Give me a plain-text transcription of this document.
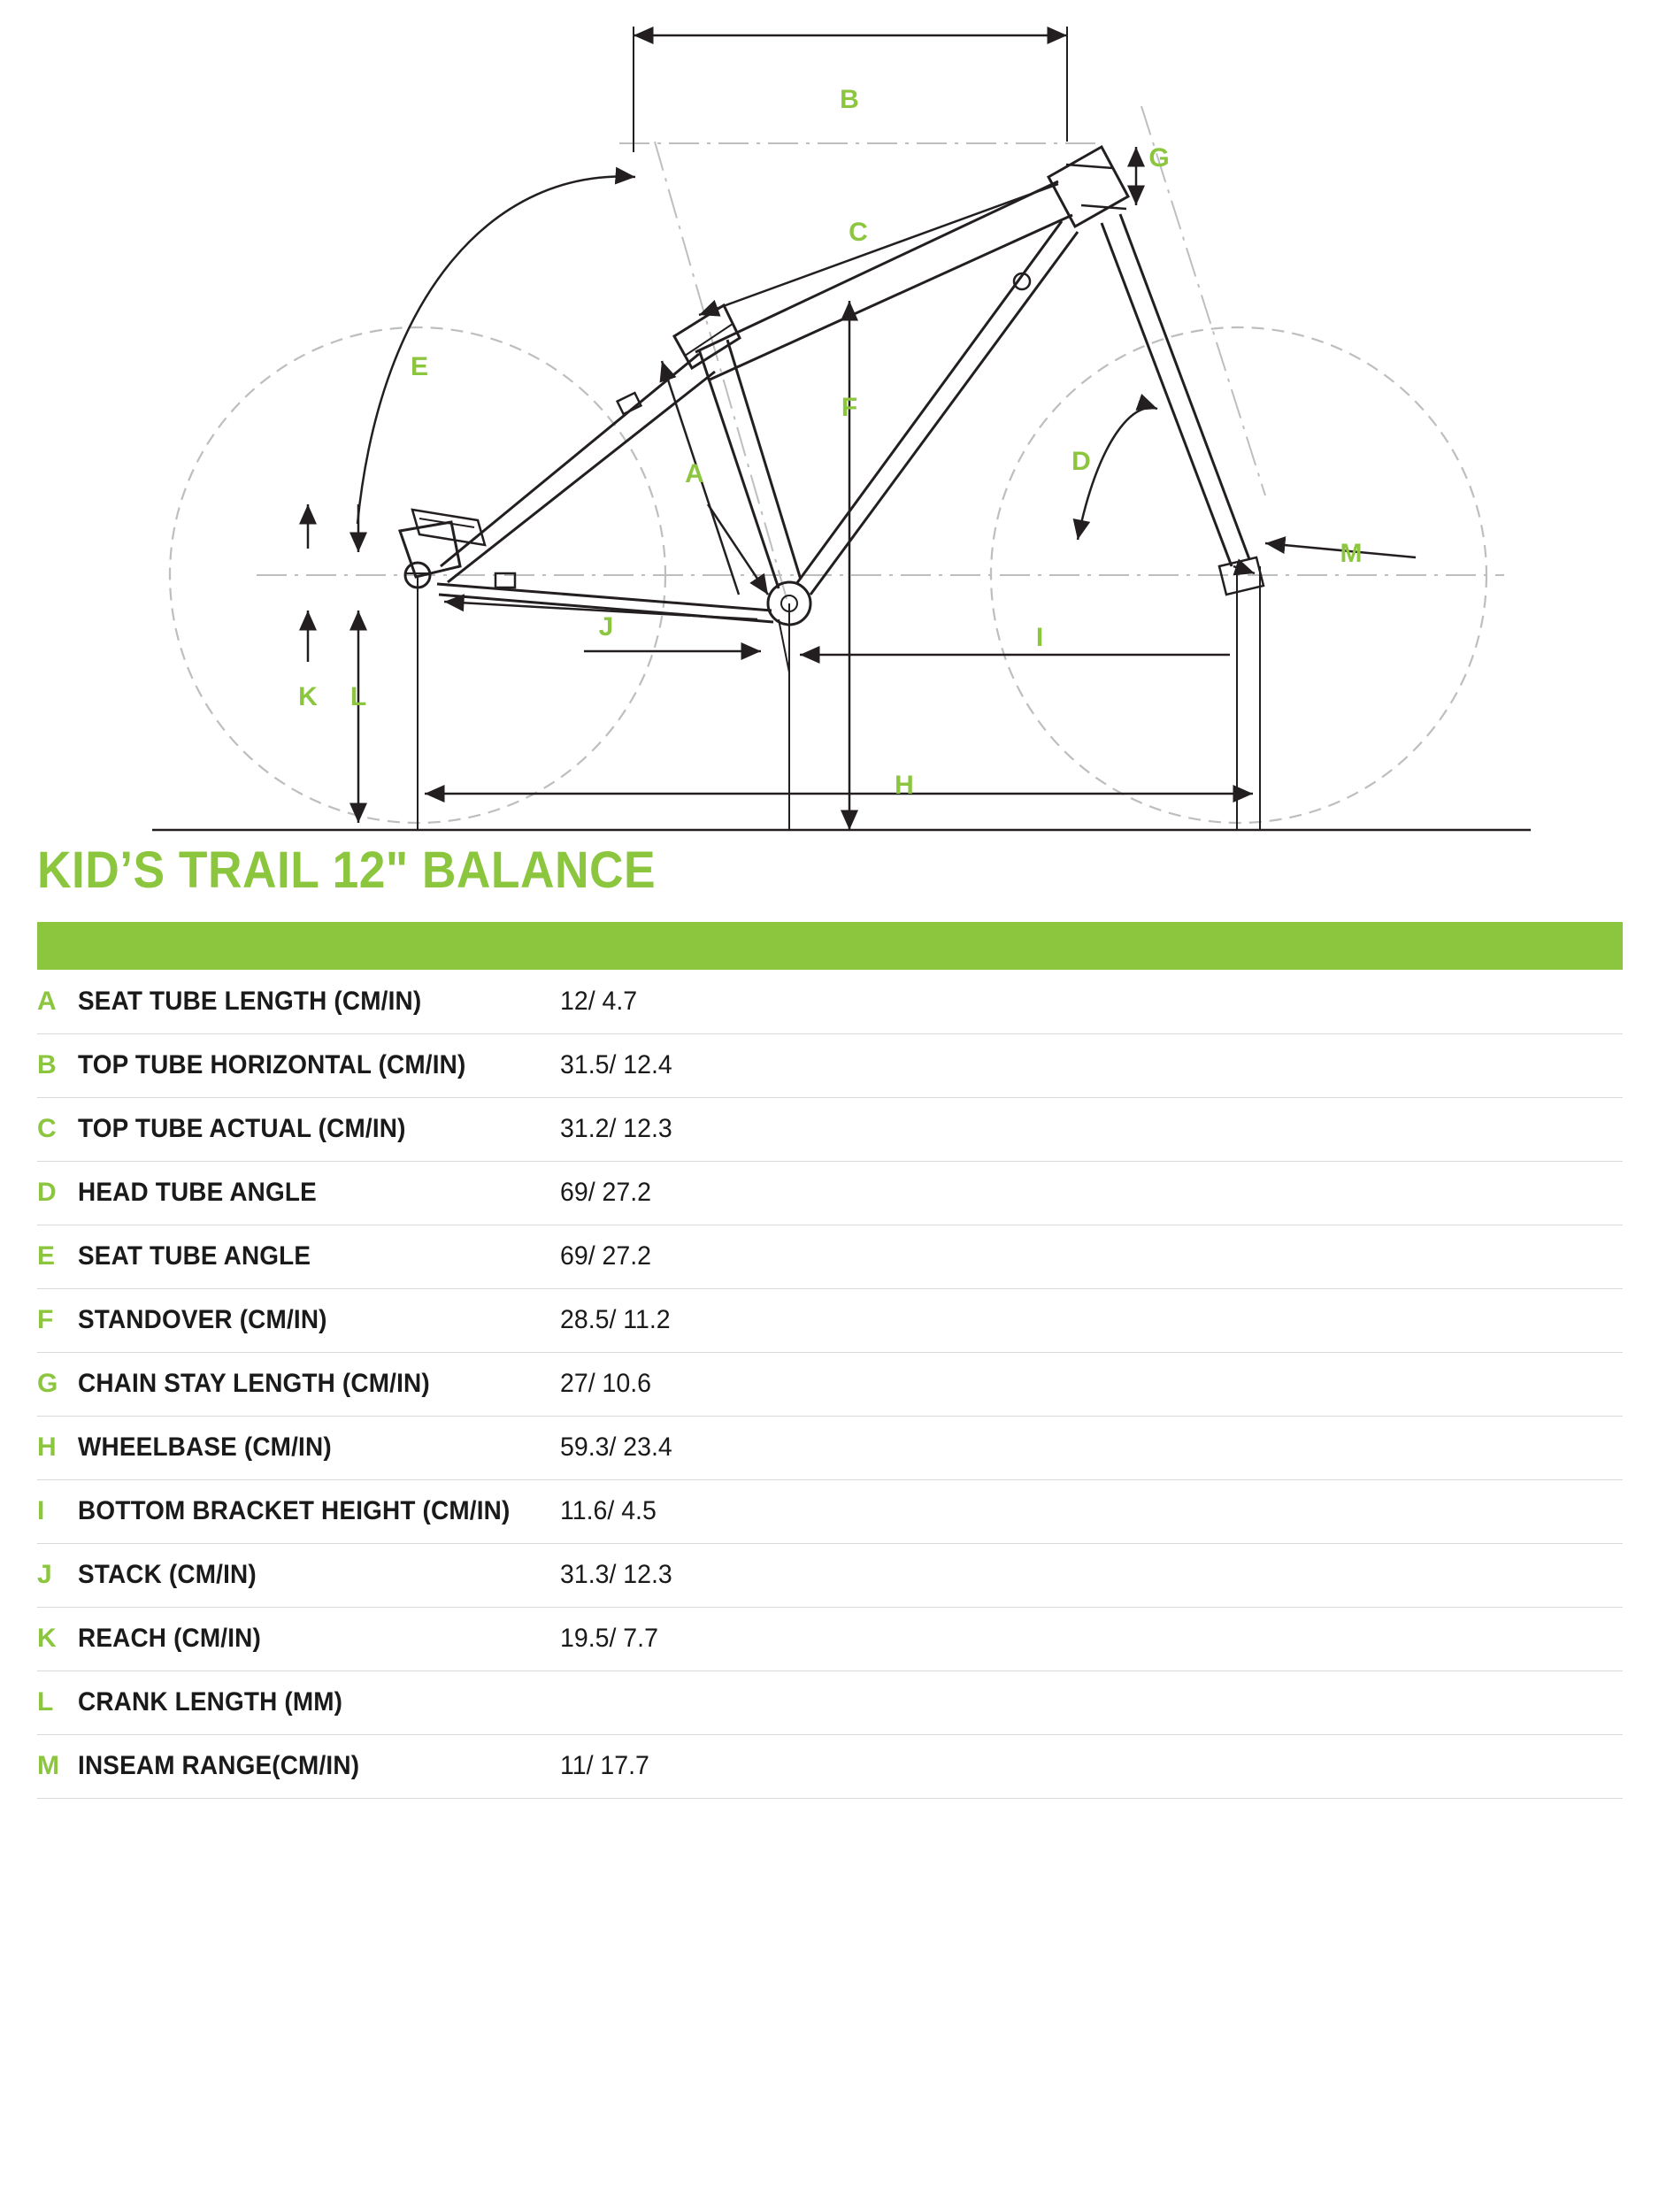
A
B
C
D
E
F
G
H
I
J
K L
M
KID’S TRAIL 12" BALANCE

A	SEAT TUBE LENGTH (CM/IN)	12/ 4.7
B	TOP TUBE HORIZONTAL (CM/IN)	31.5/ 12.4
C	TOP TUBE ACTUAL (CM/IN)	31.2/ 12.3
D	HEAD TUBE ANGLE	69/ 27.2
E	SEAT TUBE ANGLE	69/ 27.2
F	STANDOVER (CM/IN)	28.5/ 11.2
G	CHAIN STAY LENGTH (CM/IN)	27/ 10.6
H	WHEELBASE (CM/IN)	59.3/ 23.4
I	BOTTOM BRACKET HEIGHT (CM/IN)	11.6/ 4.5
J	STACK (CM/IN)	31.3/ 12.3
K	REACH (CM/IN)	19.5/ 7.7
L	CRANK LENGTH (MM)	
M	INSEAM RANGE(CM/IN)	11/ 17.7
